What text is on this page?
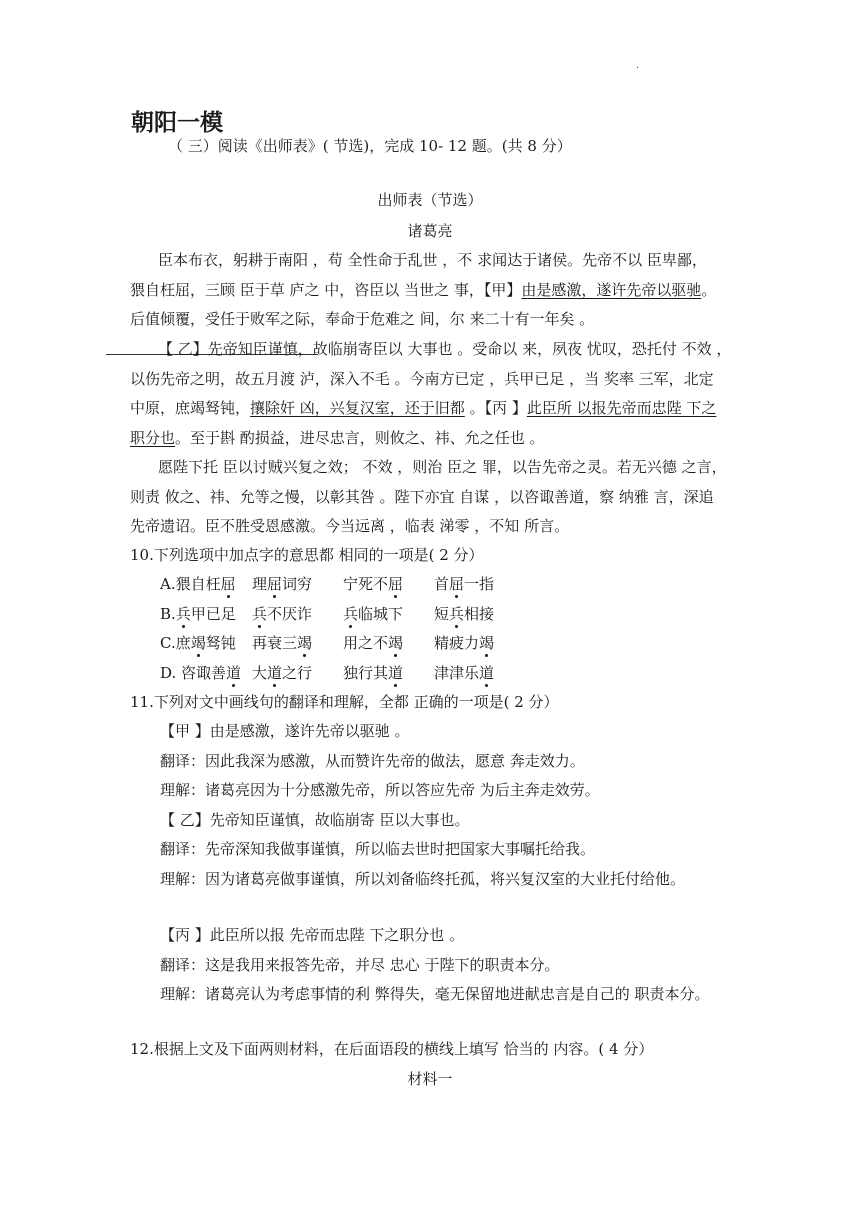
.
朝阳一模
（ 三）阅读《出师表》( 节选)，完成 10- 12 题。(共 8 分）
出师表（节选）
诸葛亮
臣本布衣，躬耕于南阳 ，苟 全性命于乱世 ，不 求闻达于诸侯。先帝不以 臣卑鄙，
猥自枉屈，三顾 臣于草 庐之 中，咨臣以 当世之 事，【甲】由是感激，遂许先帝以驱驰。
后值倾覆，受任于败军之际，奉命于危难之 间，尔 来二十有一年矣 。
【 乙】先帝知臣谨慎，故临崩寄臣以 大事也 。受命以 来，夙夜 忧叹，恐托付 不效 ，
以伤先帝之明，故五月渡 泸，深入不毛 。今南方已定 ，兵甲已足 ，当 奖率 三军，北定
中原，庶竭驽钝，攘除奸 凶，兴复汉室，还于旧都 。【丙 】此臣所 以报先帝而忠陛 下之
职分也。至于斟 酌损益，进尽忠言，则攸之、祎、允之任也 。
愿陛下托 臣以讨贼兴复之效； 不效 ，则治 臣之 罪，以告先帝之灵。若无兴德 之言，
则责 攸之、祎、允等之慢，以彰其咎 。陛下亦宜 自谋 ，以咨诹善道，察 纳雅 言，深追
先帝遗诏。臣不胜受恩感激。今当远离 ，临表 涕零 ，不知 所言。
10.下列选项中加点字的意思都 相同的一项是( 2 分）
A.猥自枉屈 理屈词穷 宁死不屈 首屈一指
B.兵甲已足 兵不厌诈 兵临城下 短兵相接
C.庶竭驽钝 再衰三竭 用之不竭 精疲力竭
D. 咨诹善道 大道之行 独行其道 津津乐道
11.下列对文中画线句的翻译和理解，全都 正确的一项是( 2 分）
【甲 】由是感激，遂许先帝以驱驰 。
翻译：因此我深为感激，从而赞许先帝的做法，愿意 奔走效力。
理解：诸葛亮因为十分感激先帝，所以答应先帝 为后主奔走效劳。
【 乙】先帝知臣谨慎，故临崩寄 臣以大事也。
翻译：先帝深知我做事谨慎，所以临去世时把国家大事嘱托给我。
理解：因为诸葛亮做事谨慎，所以刘备临终托孤，将兴复汉室的大业托付给他。
【丙 】此臣所以报 先帝而忠陛 下之职分也 。
翻译：这是我用来报答先帝，并尽 忠心 于陛下的职责本分。
理解：诸葛亮认为考虑事情的利 弊得失，毫无保留地进献忠言是自己的 职责本分。
12.根据上文及下面两则材料，在后面语段的横线上填写 恰当的 内容。( 4 分）
材料一
